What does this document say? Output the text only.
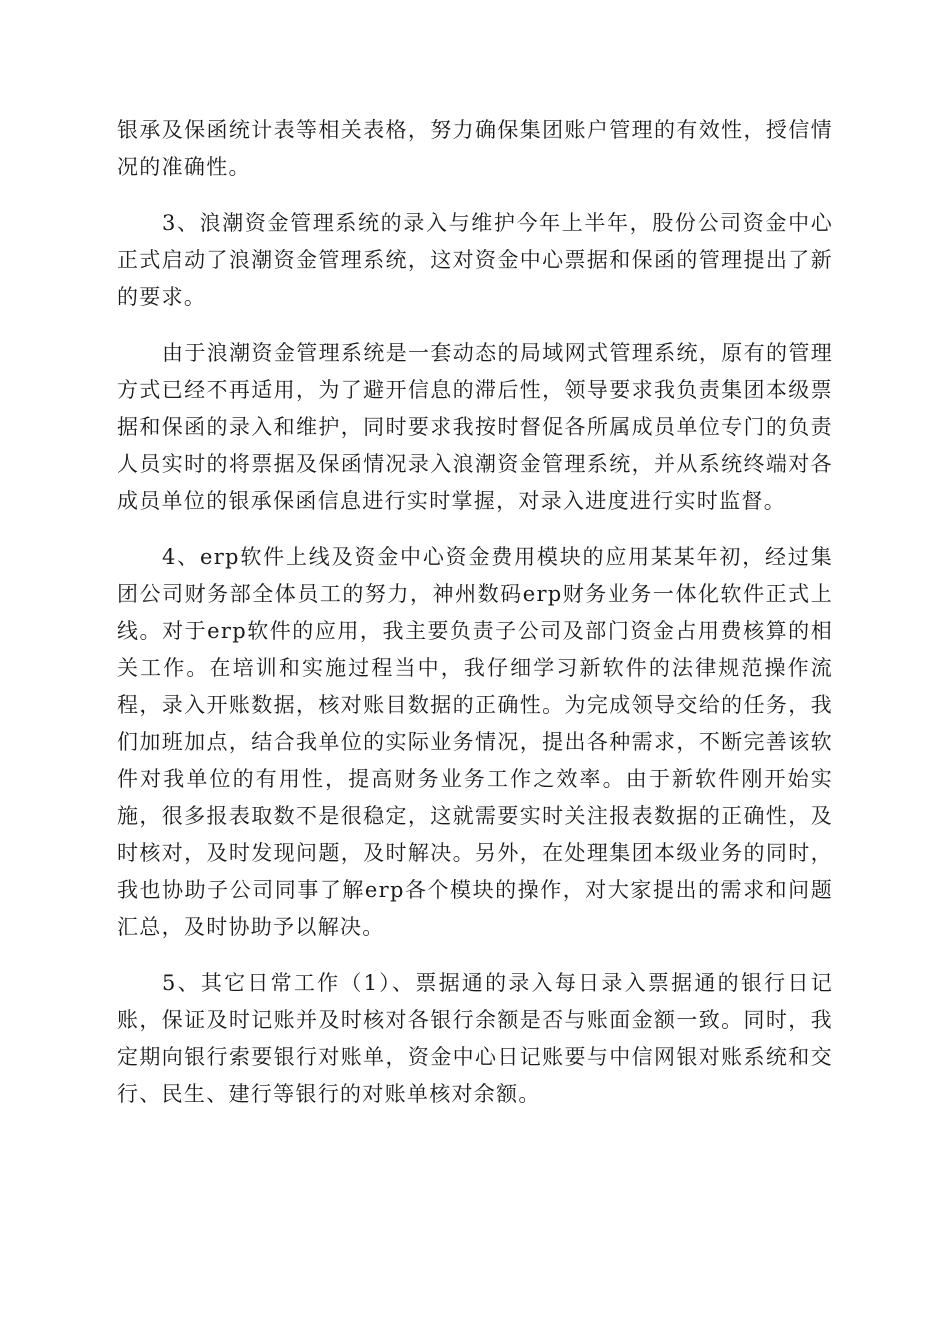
银承及保函统计表等相关表格，努力确保集团账户管理的有效性，授信情况的准确性。

3、浪潮资金管理系统的录入与维护今年上半年，股份公司资金中心正式启动了浪潮资金管理系统，这对资金中心票据和保函的管理提出了新的要求。

由于浪潮资金管理系统是一套动态的局域网式管理系统，原有的管理方式已经不再适用，为了避开信息的滞后性，领导要求我负责集团本级票据和保函的录入和维护，同时要求我按时督促各所属成员单位专门的负责人员实时的将票据及保函情况录入浪潮资金管理系统，并从系统终端对各成员单位的银承保函信息进行实时掌握，对录入进度进行实时监督。

4、erp软件上线及资金中心资金费用模块的应用某某年初，经过集团公司财务部全体员工的努力，神州数码erp财务业务一体化软件正式上线。对于erp软件的应用，我主要负责子公司及部门资金占用费核算的相关工作。在培训和实施过程当中，我仔细学习新软件的法律规范操作流程，录入开账数据，核对账目数据的正确性。为完成领导交给的任务，我们加班加点，结合我单位的实际业务情况，提出各种需求，不断完善该软件对我单位的有用性，提高财务业务工作之效率。由于新软件刚开始实施，很多报表取数不是很稳定，这就需要实时关注报表数据的正确性，及时核对，及时发现问题，及时解决。另外，在处理集团本级业务的同时，我也协助子公司同事了解erp各个模块的操作，对大家提出的需求和问题汇总，及时协助予以解决。

5、其它日常工作（1）、票据通的录入每日录入票据通的银行日记账，保证及时记账并及时核对各银行余额是否与账面金额一致。同时，我定期向银行索要银行对账单，资金中心日记账要与中信网银对账系统和交行、民生、建行等银行的对账单核对余额。
